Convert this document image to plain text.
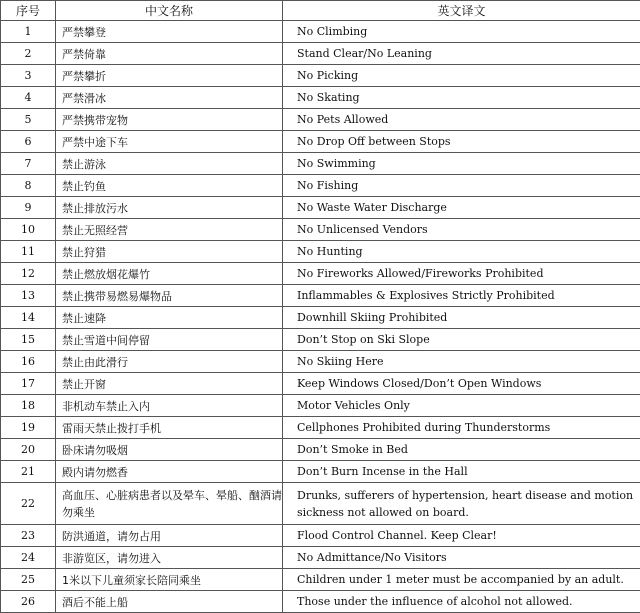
序号	中文名称	英文译文
1	严禁攀登	No Climbing
2	严禁倚靠	Stand Clear/No Leaning
3	严禁攀折	No Picking
4	严禁滑冰	No Skating
5	严禁携带宠物	No Pets Allowed
6	严禁中途下车	No Drop Off between Stops
7	禁止游泳	No Swimming
8	禁止钓鱼	No Fishing
9	禁止排放污水	No Waste Water Discharge
10	禁止无照经营	No Unlicensed Vendors
11	禁止狩猎	No Hunting
12	禁止燃放烟花爆竹	No Fireworks Allowed/Fireworks Prohibited
13	禁止携带易燃易爆物品	Inflammables & Explosives Strictly Prohibited
14	禁止速降	Downhill Skiing Prohibited
15	禁止雪道中间停留	Don’t Stop on Ski Slope
16	禁止由此滑行	No Skiing Here
17	禁止开窗	Keep Windows Closed/Don’t Open Windows
18	非机动车禁止入内	Motor Vehicles Only
19	雷雨天禁止拨打手机	Cellphones Prohibited during Thunderstorms
20	卧床请勿吸烟	Don’t Smoke in Bed
21	殿内请勿燃香	Don’t Burn Incense in the Hall
22	高血压、心脏病患者以及晕车、晕船、酗酒请勿乘坐	Drunks, sufferers of hypertension, heart disease and motion sickness not allowed on board.
23	防洪通道，请勿占用	Flood Control Channel. Keep Clear!
24	非游览区，请勿进入	No Admittance/No Visitors
25	1米以下儿童须家长陪同乘坐	Children under 1 meter must be accompanied by an adult.
26	酒后不能上船	Those under the influence of alcohol not allowed.
